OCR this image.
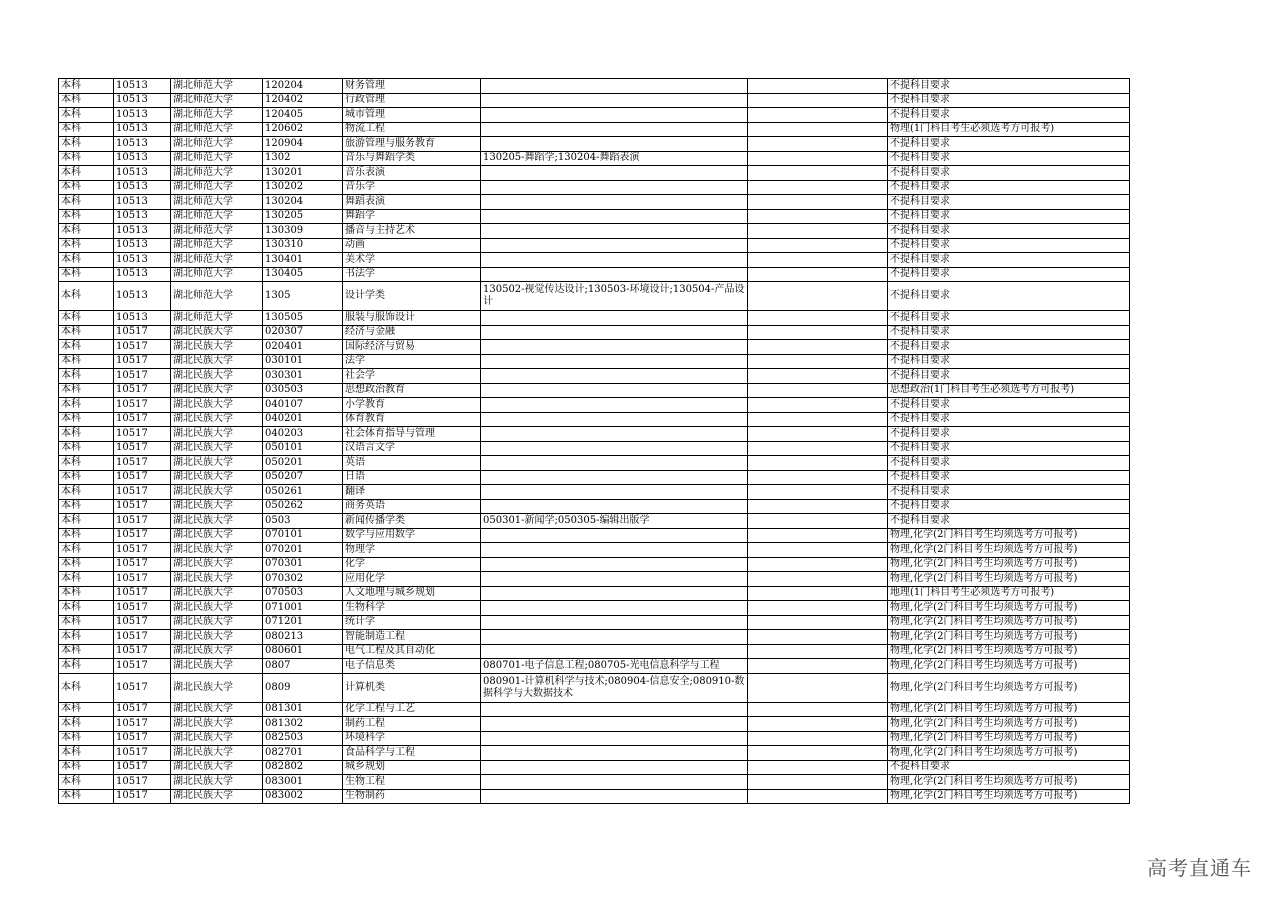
本科	10513	湖北师范大学	120204	财务管理			不提科目要求
本科	10513	湖北师范大学	120402	行政管理			不提科目要求
本科	10513	湖北师范大学	120405	城市管理			不提科目要求
本科	10513	湖北师范大学	120602	物流工程			物理(1门科目考生必须选考方可报考)
本科	10513	湖北师范大学	120904	旅游管理与服务教育			不提科目要求
本科	10513	湖北师范大学	1302	音乐与舞蹈学类	130205-舞蹈学;130204-舞蹈表演		不提科目要求
本科	10513	湖北师范大学	130201	音乐表演			不提科目要求
本科	10513	湖北师范大学	130202	音乐学			不提科目要求
本科	10513	湖北师范大学	130204	舞蹈表演			不提科目要求
本科	10513	湖北师范大学	130205	舞蹈学			不提科目要求
本科	10513	湖北师范大学	130309	播音与主持艺术			不提科目要求
本科	10513	湖北师范大学	130310	动画			不提科目要求
本科	10513	湖北师范大学	130401	美术学			不提科目要求
本科	10513	湖北师范大学	130405	书法学			不提科目要求
本科	10513	湖北师范大学	1305	设计学类	130502-视觉传达设计;130503-环境设计;130504-产品设计		不提科目要求
本科	10513	湖北师范大学	130505	服装与服饰设计			不提科目要求
本科	10517	湖北民族大学	020307	经济与金融			不提科目要求
本科	10517	湖北民族大学	020401	国际经济与贸易			不提科目要求
本科	10517	湖北民族大学	030101	法学			不提科目要求
本科	10517	湖北民族大学	030301	社会学			不提科目要求
本科	10517	湖北民族大学	030503	思想政治教育			思想政治(1门科目考生必须选考方可报考)
本科	10517	湖北民族大学	040107	小学教育			不提科目要求
本科	10517	湖北民族大学	040201	体育教育			不提科目要求
本科	10517	湖北民族大学	040203	社会体育指导与管理			不提科目要求
本科	10517	湖北民族大学	050101	汉语言文学			不提科目要求
本科	10517	湖北民族大学	050201	英语			不提科目要求
本科	10517	湖北民族大学	050207	日语			不提科目要求
本科	10517	湖北民族大学	050261	翻译			不提科目要求
本科	10517	湖北民族大学	050262	商务英语			不提科目要求
本科	10517	湖北民族大学	0503	新闻传播学类	050301-新闻学;050305-编辑出版学		不提科目要求
本科	10517	湖北民族大学	070101	数学与应用数学			物理,化学(2门科目考生均须选考方可报考)
本科	10517	湖北民族大学	070201	物理学			物理,化学(2门科目考生均须选考方可报考)
本科	10517	湖北民族大学	070301	化学			物理,化学(2门科目考生均须选考方可报考)
本科	10517	湖北民族大学	070302	应用化学			物理,化学(2门科目考生均须选考方可报考)
本科	10517	湖北民族大学	070503	人文地理与城乡规划			地理(1门科目考生必须选考方可报考)
本科	10517	湖北民族大学	071001	生物科学			物理,化学(2门科目考生均须选考方可报考)
本科	10517	湖北民族大学	071201	统计学			物理,化学(2门科目考生均须选考方可报考)
本科	10517	湖北民族大学	080213	智能制造工程			物理,化学(2门科目考生均须选考方可报考)
本科	10517	湖北民族大学	080601	电气工程及其自动化			物理,化学(2门科目考生均须选考方可报考)
本科	10517	湖北民族大学	0807	电子信息类	080701-电子信息工程;080705-光电信息科学与工程		物理,化学(2门科目考生均须选考方可报考)
本科	10517	湖北民族大学	0809	计算机类	080901-计算机科学与技术;080904-信息安全;080910-数据科学与大数据技术		物理,化学(2门科目考生均须选考方可报考)
本科	10517	湖北民族大学	081301	化学工程与工艺			物理,化学(2门科目考生均须选考方可报考)
本科	10517	湖北民族大学	081302	制药工程			物理,化学(2门科目考生均须选考方可报考)
本科	10517	湖北民族大学	082503	环境科学			物理,化学(2门科目考生均须选考方可报考)
本科	10517	湖北民族大学	082701	食品科学与工程			物理,化学(2门科目考生均须选考方可报考)
本科	10517	湖北民族大学	082802	城乡规划			不提科目要求
本科	10517	湖北民族大学	083001	生物工程			物理,化学(2门科目考生均须选考方可报考)
本科	10517	湖北民族大学	083002	生物制药			物理,化学(2门科目考生均须选考方可报考)
高考直通车
